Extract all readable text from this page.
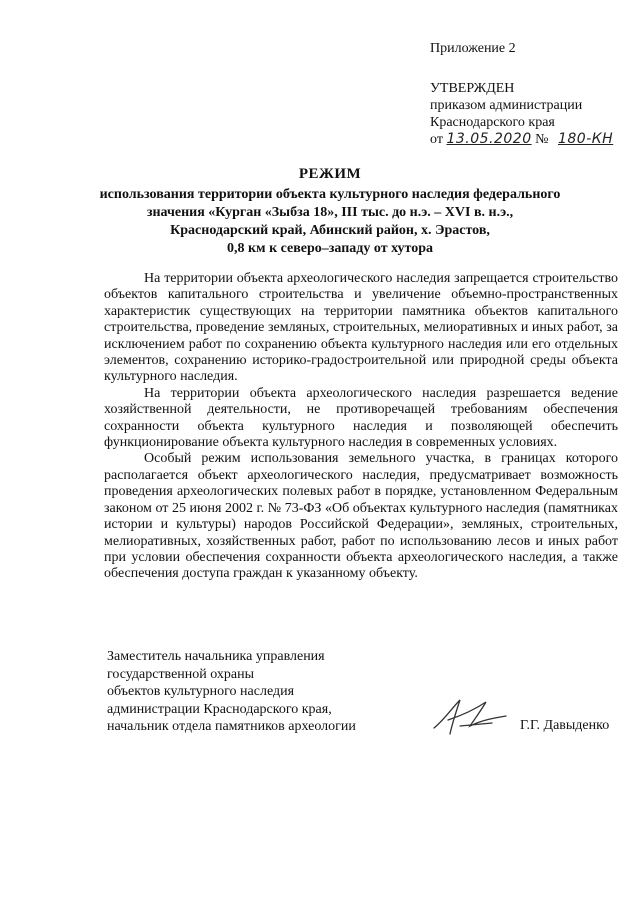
Приложение 2
УТВЕРЖДЕН
приказом администрации
Краснодарского края
от 13.05.2020 № 180-КН
РЕЖИМ
использования территории объекта культурного наследия федерального
значения «Курган «Зыбза 18», III тыс. до н.э. – XVI в. н.э.,
Краснодарский край, Абинский район, х. Эрастов,
0,8 км к северо–западу от хутора

На территории объекта археологического наследия запрещается строительство объектов капитального строительства и увеличение объемно-пространственных характеристик существующих на территории памятника объектов капитального строительства, проведение земляных, строительных, мелиоративных и иных работ, за исключением работ по сохранению объекта культурного наследия или его отдельных элементов, сохранению историко-градостроительной или природной среды объекта культурного наследия.

На территории объекта археологического наследия разрешается ведение хозяйственной деятельности, не противоречащей требованиям обеспечения сохранности объекта культурного наследия и позволяющей обеспечить функционирование объекта культурного наследия в современных условиях.

Особый режим использования земельного участка, в границах которого располагается объект археологического наследия, предусматривает возможность проведения археологических полевых работ в порядке, установленном Федеральным законом от 25 июня 2002 г. № 73-ФЗ «Об объектах культурного наследия (памятниках истории и культуры) народов Российской Федерации», земляных, строительных, мелиоративных, хозяйственных работ, работ по использованию лесов и иных работ при условии обеспечения сохранности объекта археологического наследия, а также обеспечения доступа граждан к указанному объекту.

Заместитель начальника управления
государственной охраны
объектов культурного наследия
администрации Краснодарского края,
начальник отдела памятников археологии	Г.Г. Давыденко
